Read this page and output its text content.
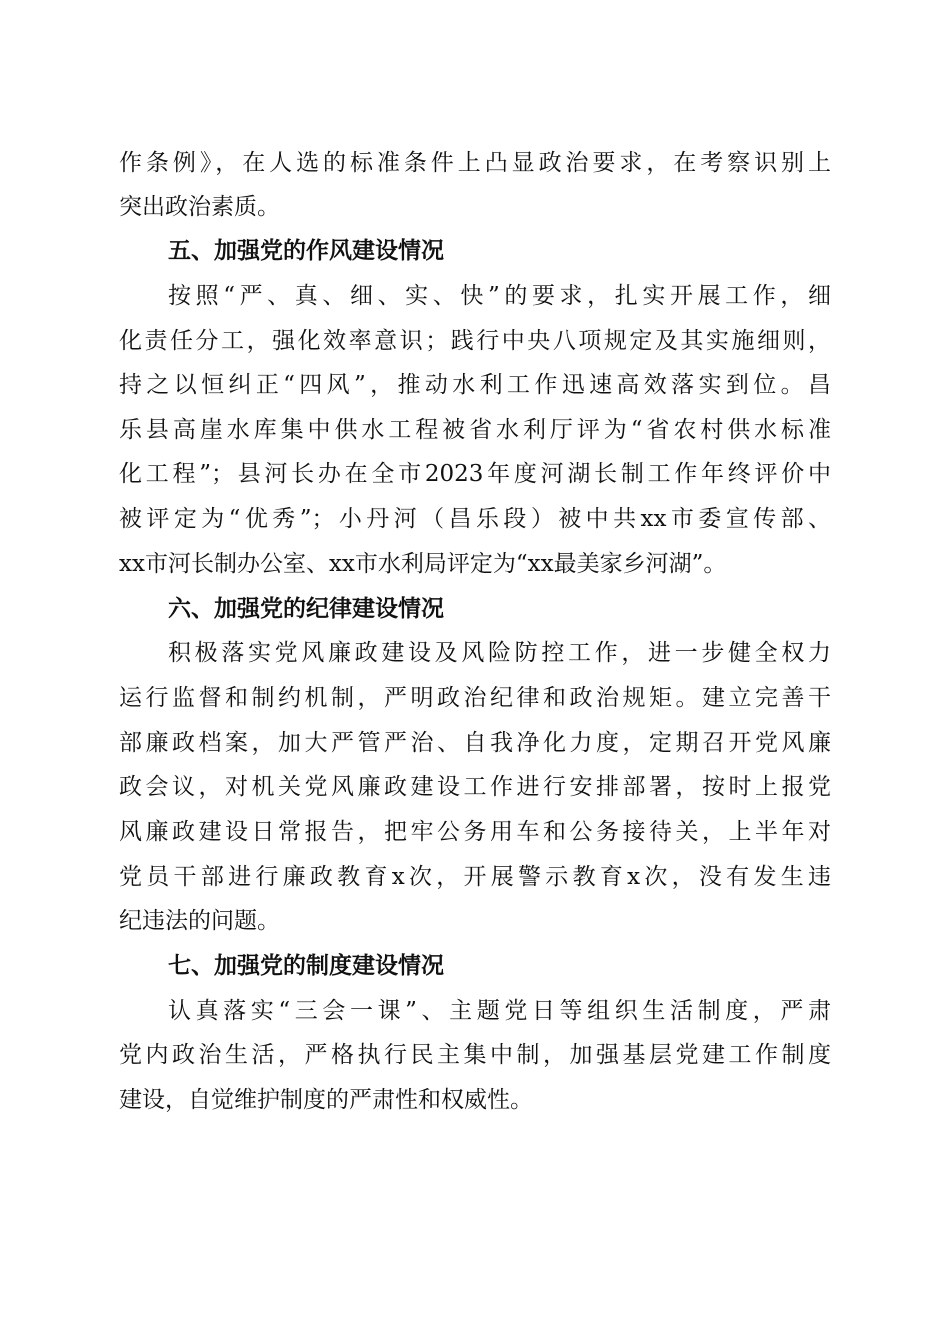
作条例》，在人选的标准条件上凸显政治要求，在考察识别上
突出政治素质。
五、加强党的作风建设情况
按照“严、真、细、实、快”的要求，扎实开展工作，细
化责任分工，强化效率意识；践行中央八项规定及其实施细则，
持之以恒纠正“四风”，推动水利工作迅速高效落实到位。昌
乐县高崖水库集中供水工程被省水利厅评为“省农村供水标准
化工程”；县河长办在全市2023年度河湖长制工作年终评价中
被评定为“优秀”；小丹河（昌乐段）被中共xx市委宣传部、
xx市河长制办公室、xx市水利局评定为“xx最美家乡河湖”。
六、加强党的纪律建设情况
积极落实党风廉政建设及风险防控工作，进一步健全权力
运行监督和制约机制，严明政治纪律和政治规矩。建立完善干
部廉政档案，加大严管严治、自我净化力度，定期召开党风廉
政会议，对机关党风廉政建设工作进行安排部署，按时上报党
风廉政建设日常报告，把牢公务用车和公务接待关，上半年对
党员干部进行廉政教育x次，开展警示教育x次，没有发生违
纪违法的问题。
七、加强党的制度建设情况
认真落实“三会一课”、主题党日等组织生活制度，严肃
党内政治生活，严格执行民主集中制，加强基层党建工作制度
建设，自觉维护制度的严肃性和权威性。
